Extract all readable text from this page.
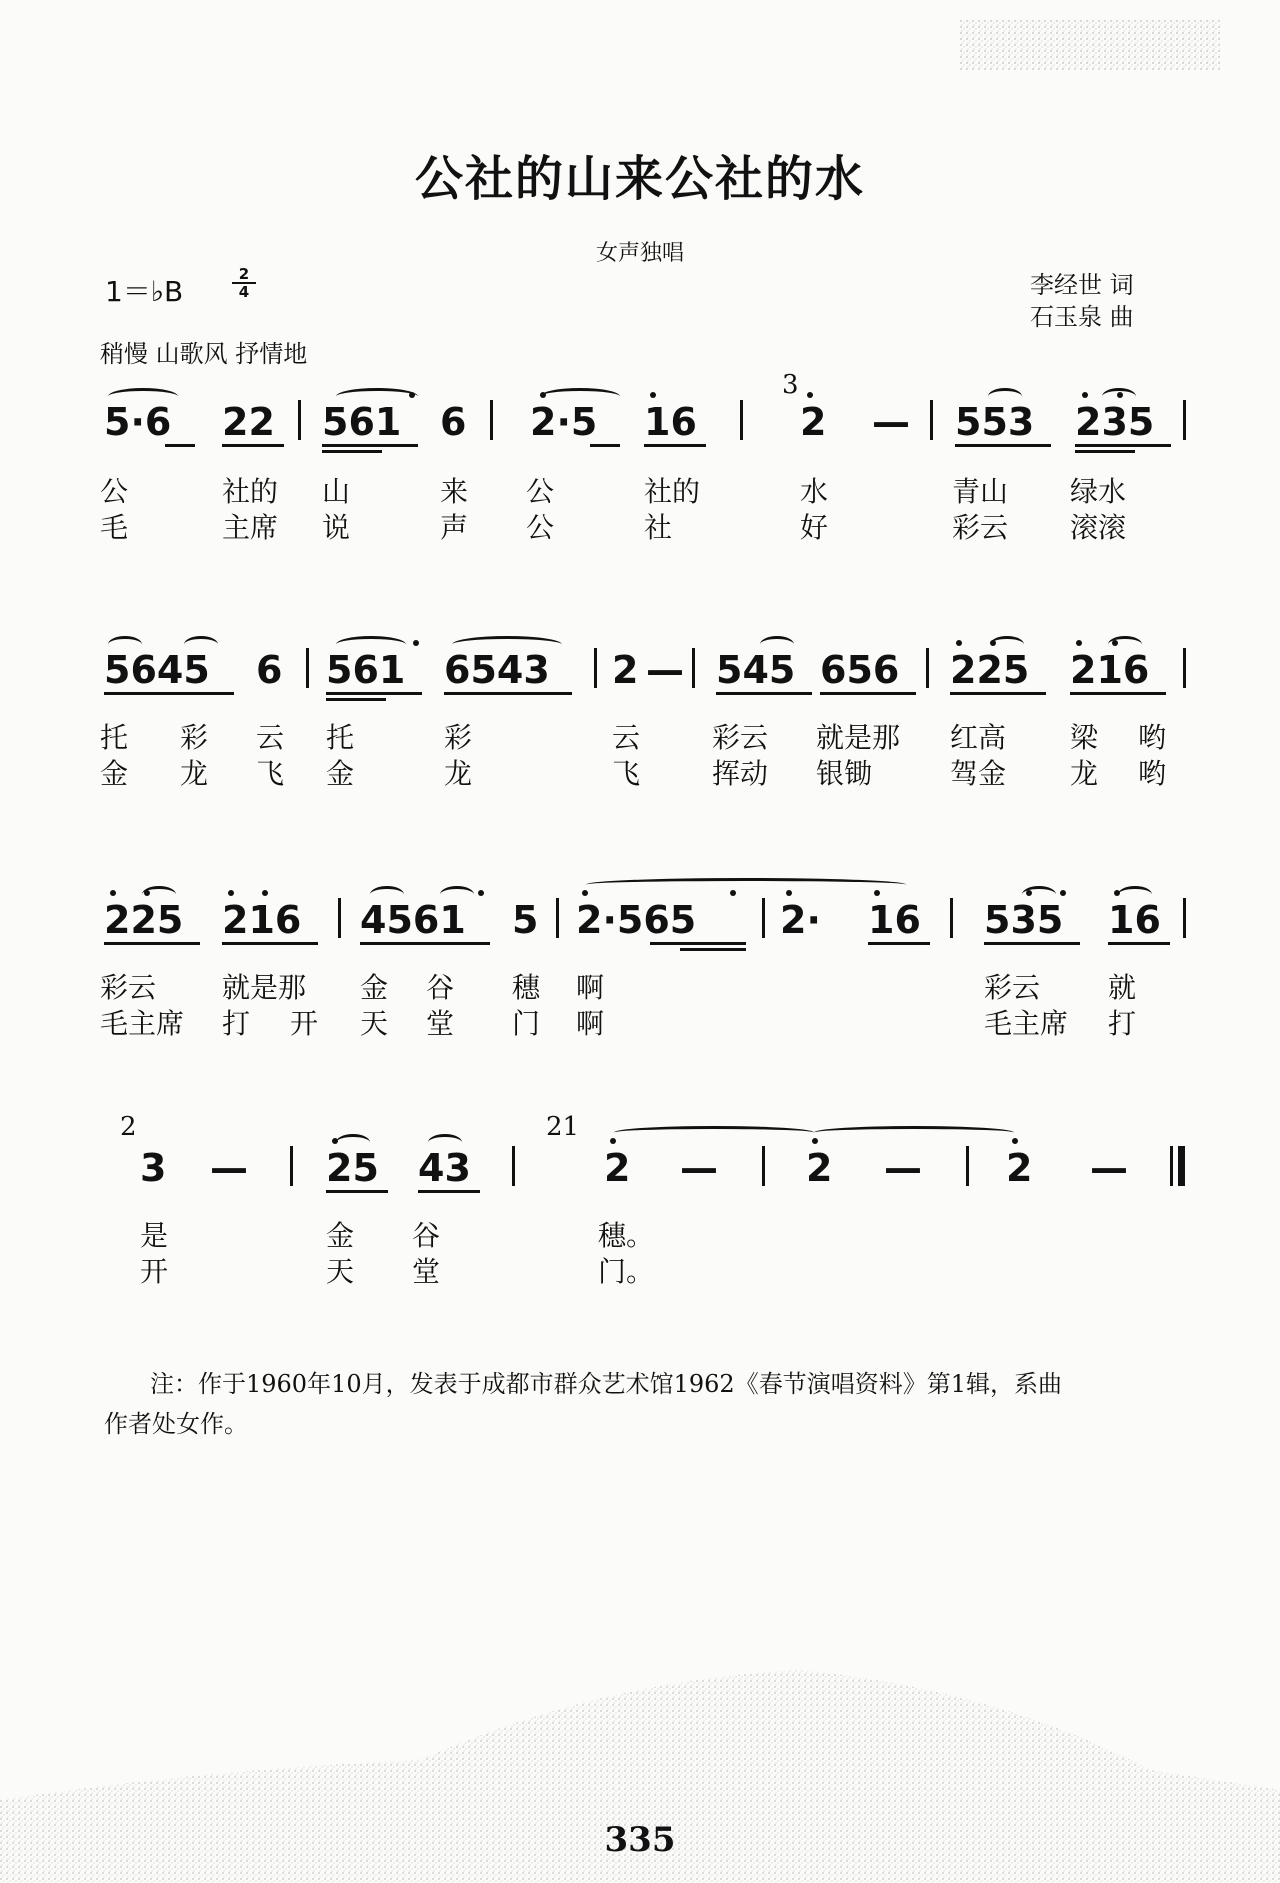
公社的山来公社的水
女声独唱
1＝♭B
2
4	李经世 词
石玉泉 曲
稍慢 山歌风 抒情地
5·6 22 561 6 2·5 16	2 — 553 235
3
公	社的 山	来 公	社的	水	青山 绿水
毛	主席 说	声 公	社	好	彩云 滚滚
5645 6 561 6543 2 — 545 656 225 216
托 彩 云 托	彩	云	彩云 就是那 红高 梁 哟
金 龙 飞 金	龙	飞	挥动 银锄	驾金 龙 哟
225 216 4561 5 2·565 2· 16 535 16
彩云 就是那 金 谷 穗 啊	彩云 就
毛主席 打 开 天 堂 门 啊	毛主席 打
2
3 — 25 43
21
2 — 2 — 2 —
是	金 谷	穗。
开	天 堂	门。
注：作于1960年10月，发表于成都市群众艺术馆1962《春节演唱资料》第1辑，系曲
作者处女作。
335
